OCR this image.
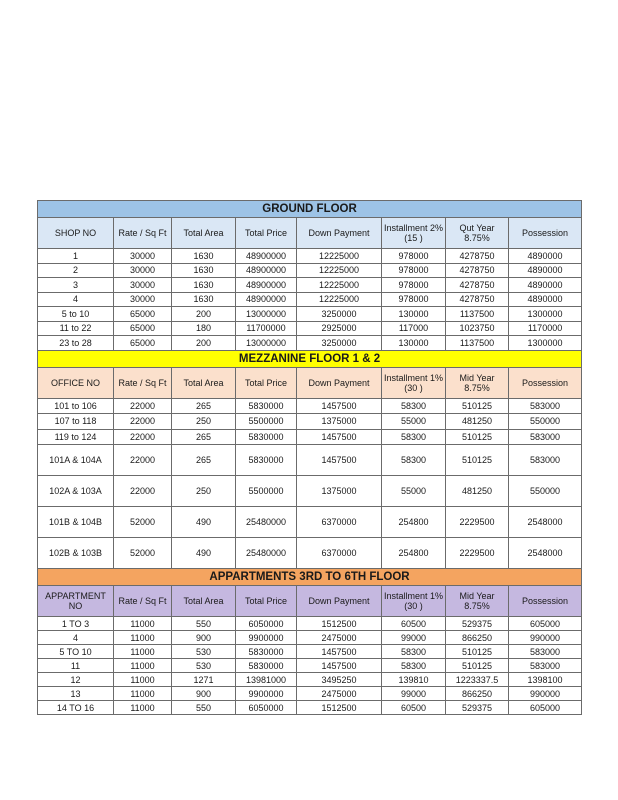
GROUND FLOOR							
SHOP NO	Rate / Sq Ft	Total Area	Total Price	Down Payment	Installment 2% (15 )	Qut Year 8.75%	Possession
1	30000	1630	48900000	12225000	978000	4278750	4890000
2	30000	1630	48900000	12225000	978000	4278750	4890000
3	30000	1630	48900000	12225000	978000	4278750	4890000
4	30000	1630	48900000	12225000	978000	4278750	4890000
5 to 10	65000	200	13000000	3250000	130000	1137500	1300000
11 to 22	65000	180	11700000	2925000	117000	1023750	1170000
23 to 28	65000	200	13000000	3250000	130000	1137500	1300000
MEZZANINE FLOOR 1 & 2							
OFFICE NO	Rate / Sq Ft	Total Area	Total Price	Down Payment	Installment 1% (30 )	Mid Year 8.75%	Possession
101 to 106	22000	265	5830000	1457500	58300	510125	583000
107 to 118	22000	250	5500000	1375000	55000	481250	550000
119 to 124	22000	265	5830000	1457500	58300	510125	583000
101A & 104A	22000	265	5830000	1457500	58300	510125	583000
102A & 103A	22000	250	5500000	1375000	55000	481250	550000
101B & 104B	52000	490	25480000	6370000	254800	2229500	2548000
102B & 103B	52000	490	25480000	6370000	254800	2229500	2548000
APPARTMENTS 3RD TO 6TH FLOOR							
APPARTMENT NO	Rate / Sq Ft	Total Area	Total Price	Down Payment	Installment 1% (30 )	Mid Year 8.75%	Possession
1 TO 3	11000	550	6050000	1512500	60500	529375	605000
4	11000	900	9900000	2475000	99000	866250	990000
5 TO 10	11000	530	5830000	1457500	58300	510125	583000
11	11000	530	5830000	1457500	58300	510125	583000
12	11000	1271	13981000	3495250	139810	1223337.5	1398100
13	11000	900	9900000	2475000	99000	866250	990000
14 TO 16	11000	550	6050000	1512500	60500	529375	605000
